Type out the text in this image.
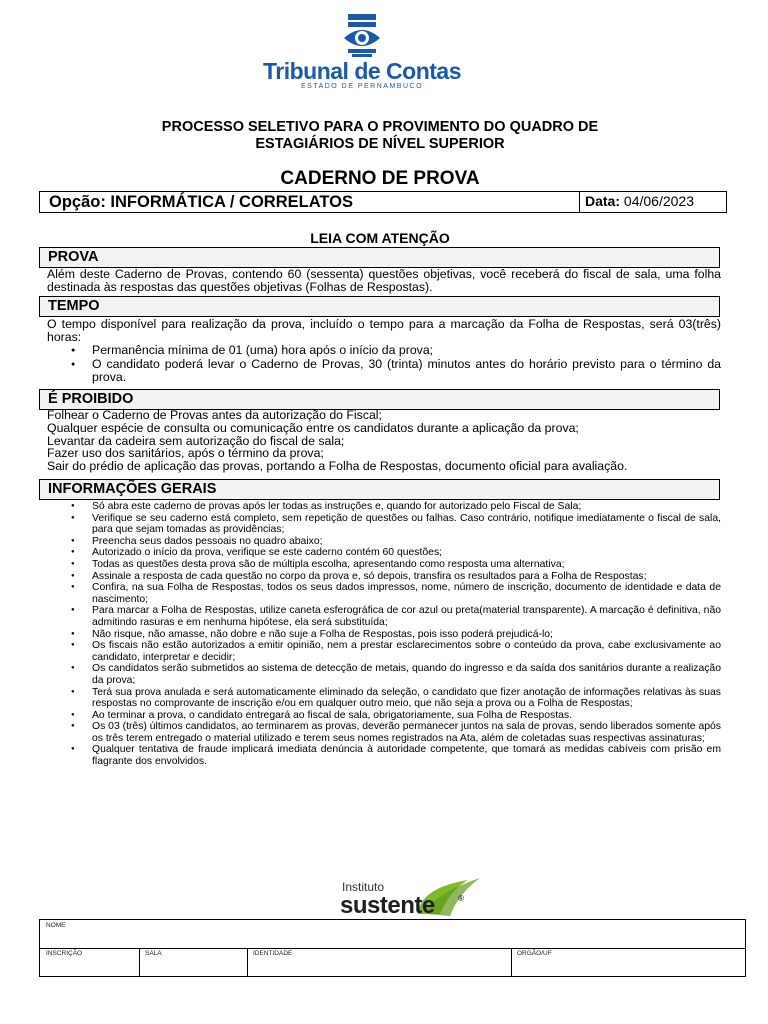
Tribunal de Contas
ESTADO DE PERNAMBUCO
PROCESSO SELETIVO PARA O PROVIMENTO DO QUADRO DE
ESTAGIÁRIOS DE NÍVEL SUPERIOR
CADERNO DE PROVA
Opção: INFORMÁTICA / CORRELATOS	Data: 04/06/2023
LEIA COM ATENÇÃO
PROVA
Além deste Caderno de Provas, contendo 60 (sessenta) questões objetivas, você receberá do fiscal de sala, uma folha destinada às respostas das questões objetivas (Folhas de Respostas).
TEMPO
O tempo disponível para realização da prova, incluído o tempo para a marcação da Folha de Respostas, será 03(três) horas:
● Permanência mínima de 01 (uma) hora após o início da prova;
● O candidato poderá levar o Caderno de Provas, 30 (trinta) minutos antes do horário previsto para o término da prova.
É PROIBIDO
Folhear o Caderno de Provas antes da autorização do Fiscal;
Qualquer espécie de consulta ou comunicação entre os candidatos durante a aplicação da prova;
Levantar da cadeira sem autorização do fiscal de sala;
Fazer uso dos sanitários, após o término da prova;
Sair do prédio de aplicação das provas, portando a Folha de Respostas, documento oficial para avaliação.
INFORMAÇÕES GERAIS
● Só abra este caderno de provas após ler todas as instruções e, quando for autorizado pelo Fiscal de Sala;
● Verifique se seu caderno está completo, sem repetição de questões ou falhas. Caso contrário, notifique imediatamente o fiscal de sala, para que sejam tomadas as providências;
● Preencha seus dados pessoais no quadro abaixo;
● Autorizado o início da prova, verifique se este caderno contém 60 questões;
● Todas as questões desta prova são de múltipla escolha, apresentando como resposta uma alternativa;
● Assinale a resposta de cada questão no corpo da prova e, só depois, transfira os resultados para a Folha de Respostas;
● Confira, na sua Folha de Respostas, todos os seus dados impressos, nome, número de inscrição, documento de identidade e data de nascimento;
● Para marcar a Folha de Respostas, utilize caneta esferográfica de cor azul ou preta(material transparente). A marcação é definitiva, não admitindo rasuras e em nenhuma hipótese, ela será substituída;
● Não risque, não amasse, não dobre e não suje a Folha de Respostas, pois isso poderá prejudicá-lo;
● Os fiscais não estão autorizados a emitir opinião, nem a prestar esclarecimentos sobre o conteúdo da prova, cabe exclusivamente ao candidato, interpretar e decidir;
● Os candidatos serão submetidos ao sistema de detecção de metais, quando do ingresso e da saída dos sanitários durante a realização da prova;
● Terá sua prova anulada e será automaticamente eliminado da seleção, o candidato que fizer anotação de informações relativas às suas respostas no comprovante de inscrição e/ou em qualquer outro meio, que não seja a prova ou a Folha de Respostas;
● Ao terminar a prova, o candidato entregará ao fiscal de sala, obrigatoriamente, sua Folha de Respostas.
● Os 03 (três) últimos candidatos, ao terminarem as provas, deverão permanecer juntos na sala de provas, sendo liberados somente após os três terem entregado o material utilizado e terem seus nomes registrados na Ata, além de coletadas suas respectivas assinaturas;
● Qualquer tentativa de fraude implicará imediata denúncia à autoridade competente, que tomará as medidas cabíveis com prisão em flagrante dos envolvidos.
Instituto
sustente	®
NOME
INSCRIÇÃO	SALA	IDENTIDADE	ORGÃO/UF
